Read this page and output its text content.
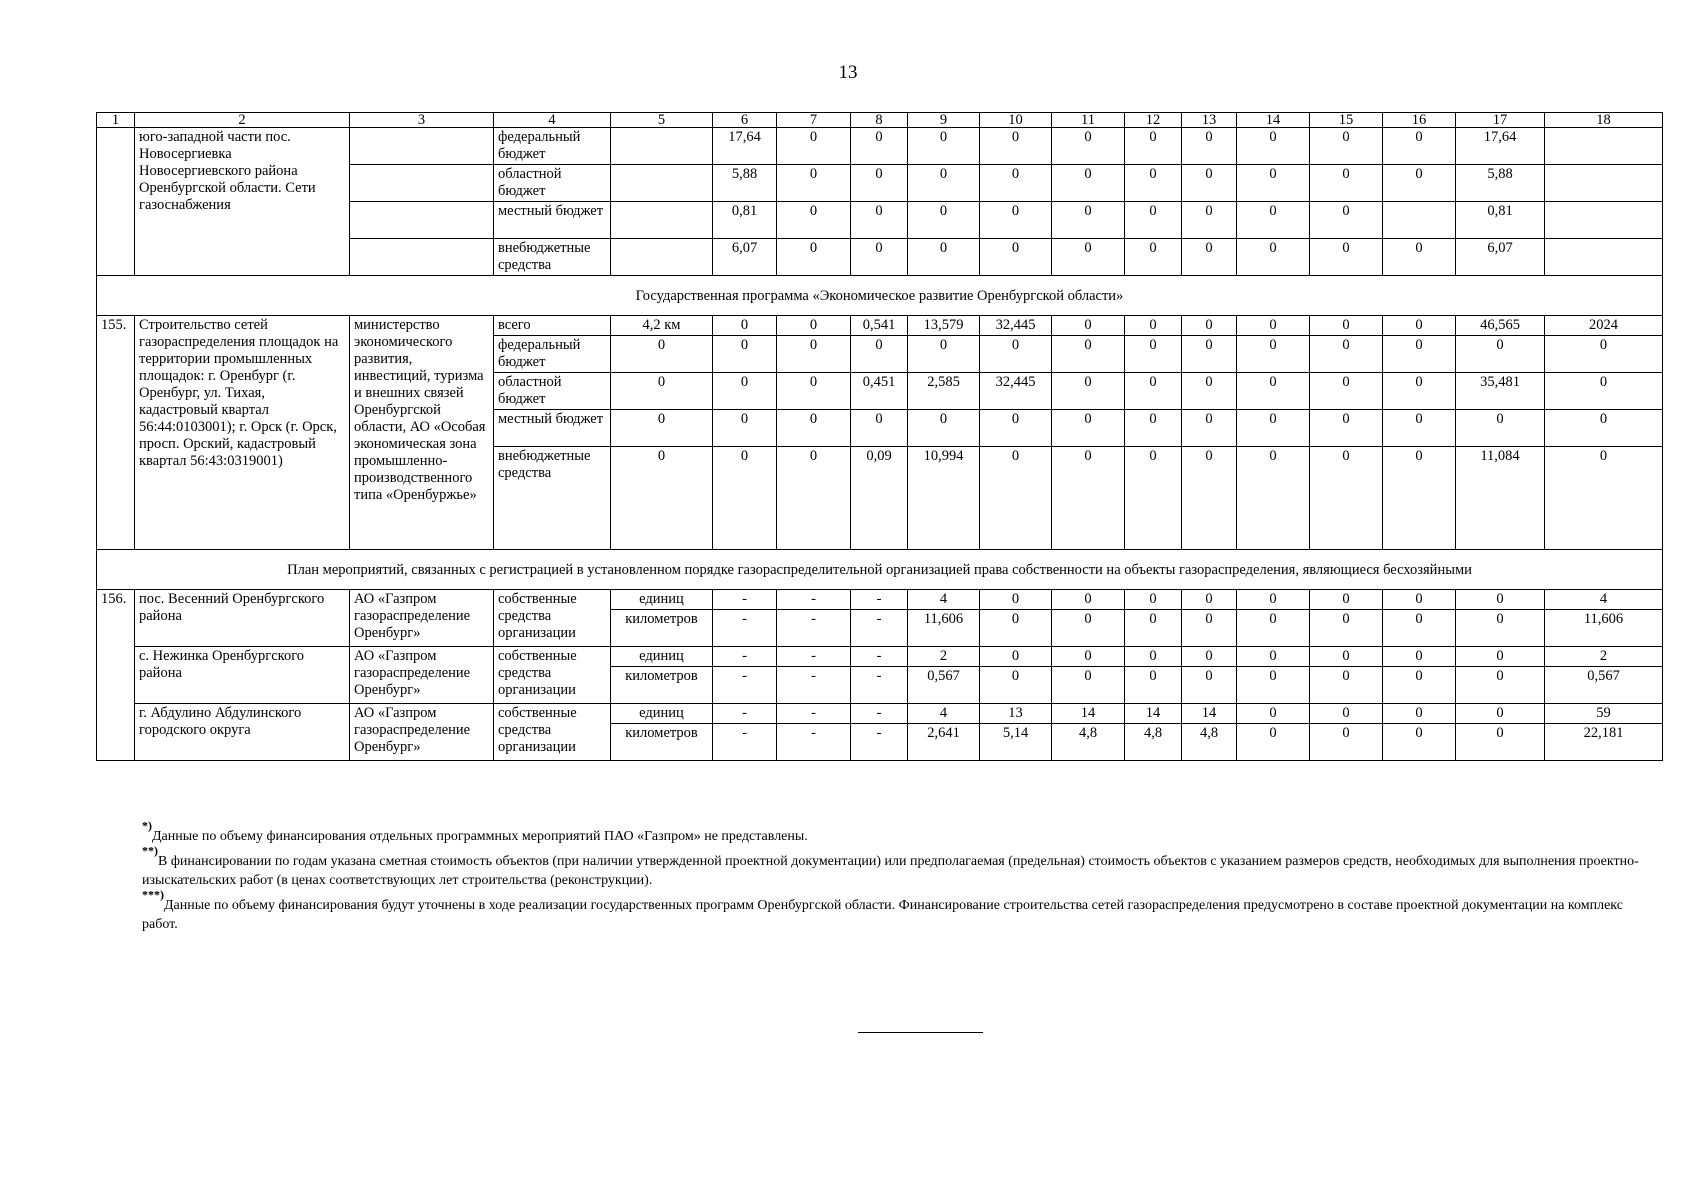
13
1	2	3	4	5	6	7	8	9	10	11	12	13	14	15	16	17	18
	юго-западной части пос. Новосергиевка Новосергиевского района Оренбургской области. Сети газоснабжения		федеральный бюджет		17,64	0	0	0	0	0	0	0	0	0	0	17,64	
			областной бюджет		5,88	0	0	0	0	0	0	0	0	0	0	5,88	
			местный бюджет		0,81	0	0	0	0	0	0	0	0	0		0,81	
			внебюджетные средства		6,07	0	0	0	0	0	0	0	0	0	0	6,07	
Государственная программа «Экономическое развитие Оренбургской области»																	
155.	Строительство сетей газораспределения площадок на территории промышленных площадок: г. Оренбург (г. Оренбург, ул. Тихая, кадастровый квартал 56:44:0103001); г. Орск (г. Орск, просп. Орский, кадастровый квартал 56:43:0319001)	министерство экономического развития, инвестиций, туризма и внешних связей Оренбургской области, АО «Особая экономическая зона промышленно-производственного типа «Оренбуржье»	всего	4,2 км	0	0	0,541	13,579	32,445	0	0	0	0	0	0	46,565	2024
			федеральный бюджет	0	0	0	0	0	0	0	0	0	0	0	0	0	0
			областной бюджет	0	0	0	0,451	2,585	32,445	0	0	0	0	0	0	35,481	0
			местный бюджет	0	0	0	0	0	0	0	0	0	0	0	0	0	0
			внебюджетные средства	0	0	0	0,09	10,994	0	0	0	0	0	0	0	11,084	0
План мероприятий, связанных с регистрацией в установленном порядке газораспределительной организацией права собственности на объекты газораспределения, являющиеся бесхозяйными																	
156.	пос. Весенний Оренбургского района	АО «Газпром газораспределение Оренбург»	собственные средства организации	единиц	-	-	-	4	0	0	0	0	0	0	0	0	4
				километров	-	-	-	11,606	0	0	0	0	0	0	0	0	11,606
	с. Нежинка Оренбургского района	АО «Газпром газораспределение Оренбург»	собственные средства организации	единиц	-	-	-	2	0	0	0	0	0	0	0	0	2
				километров	-	-	-	0,567	0	0	0	0	0	0	0	0	0,567
	г. Абдулино Абдулинского городского округа	АО «Газпром газораспределение Оренбург»	собственные средства организации	единиц	-	-	-	4	13	14	14	14	0	0	0	0	59
				километров	-	-	-	2,641	5,14	4,8	4,8	4,8	0	0	0	0	22,181
*)Данные по объему финансирования отдельных программных мероприятий ПАО «Газпром» не представлены.
**)В финансировании по годам указана сметная стоимость объектов (при наличии утвержденной проектной документации) или предполагаемая (предельная) стоимость объектов с указанием размеров средств, необходимых для выполнения проектно-изыскательских работ (в ценах соответствующих лет строительства (реконструкции).
***)Данные по объему финансирования будут уточнены в ходе реализации государственных программ Оренбургской области. Финансирование строительства сетей газораспределения предусмотрено в составе проектной документации на комплекс работ.
